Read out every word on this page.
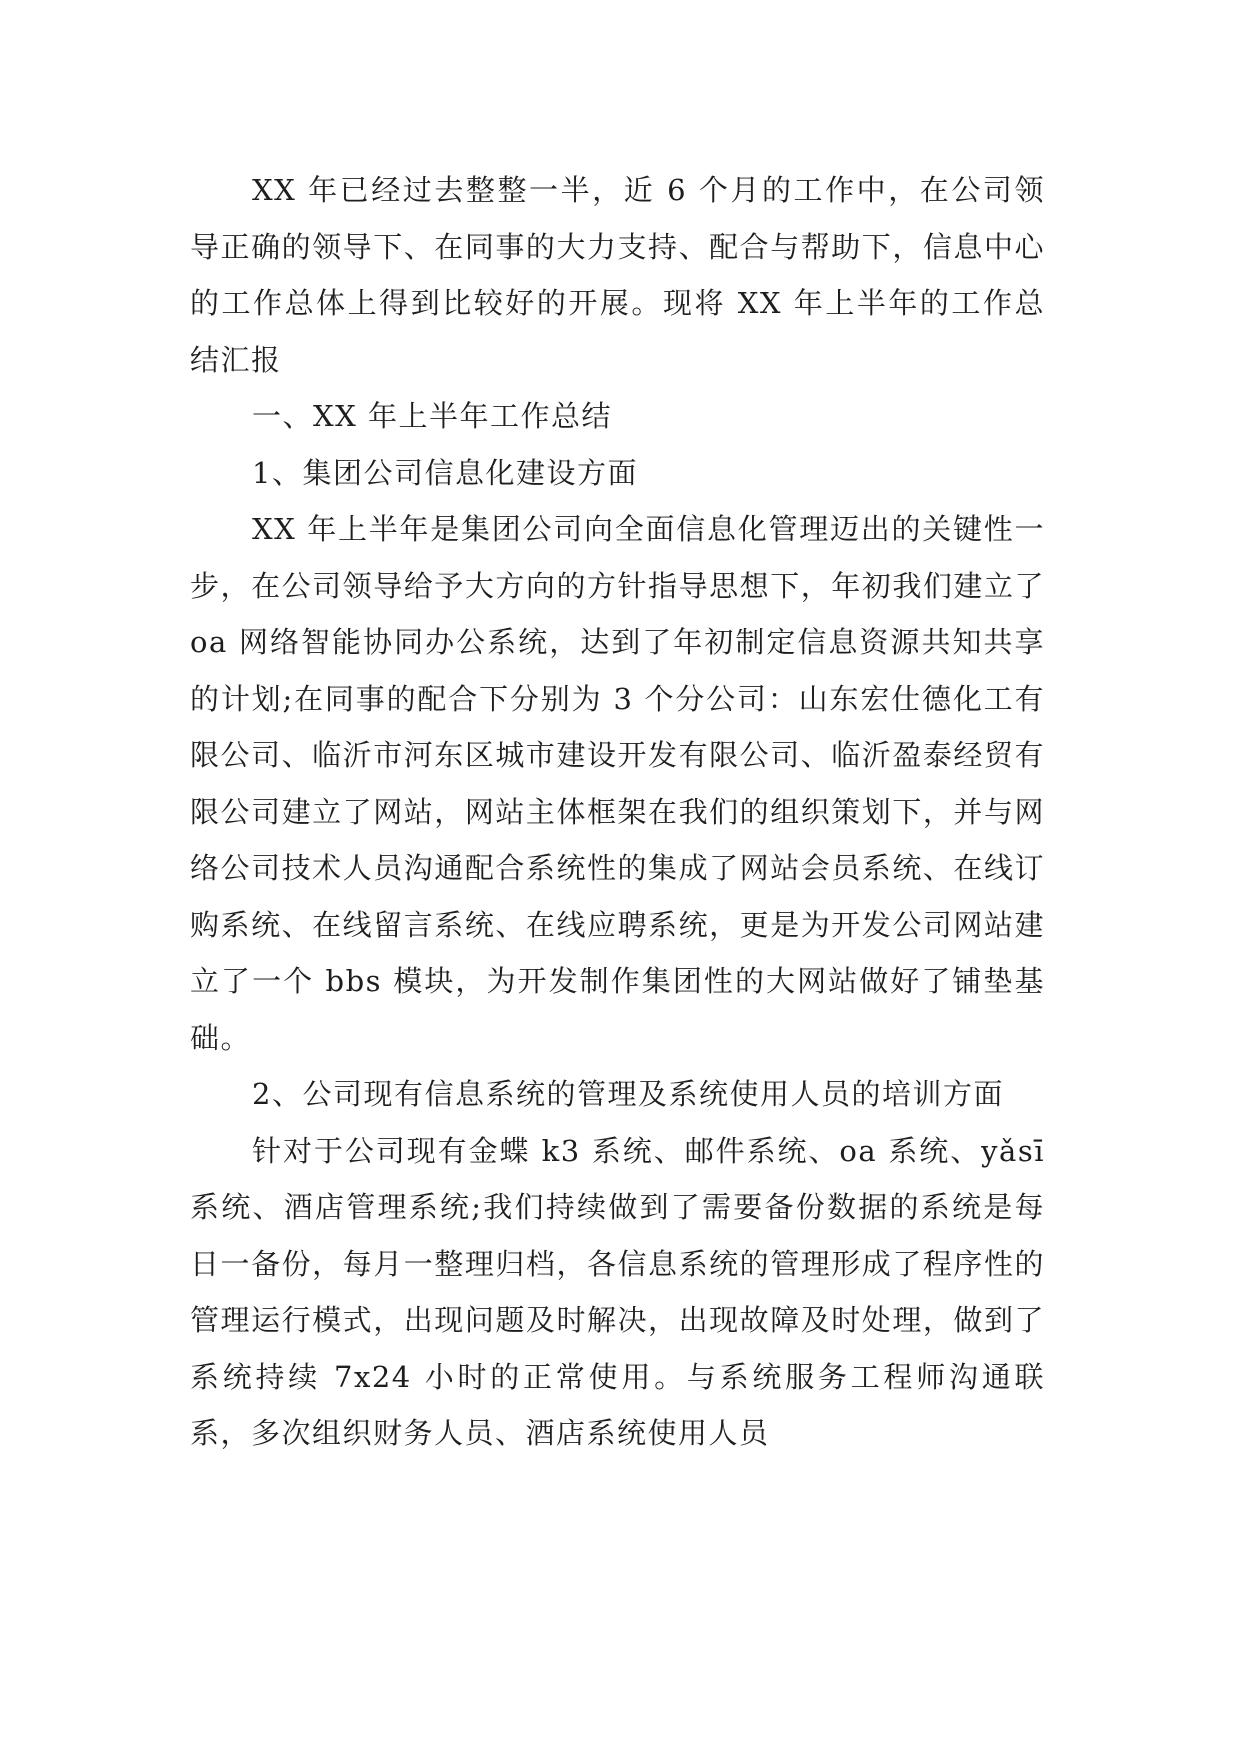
XX 年已经过去整整一半，近 6 个月的工作中，在公司领导正确的领导下、在同事的大力支持、配合与帮助下，信息中心的工作总体上得到比较好的开展。现将 XX 年上半年的工作总结汇报

一、XX 年上半年工作总结

1、集团公司信息化建设方面

XX 年上半年是集团公司向全面信息化管理迈出的关键性一步，在公司领导给予大方向的方针指导思想下，年初我们建立了 oa 网络智能协同办公系统，达到了年初制定信息资源共知共享的计划;在同事的配合下分别为 3 个分公司：山东宏仕德化工有限公司、临沂市河东区城市建设开发有限公司、临沂盈泰经贸有限公司建立了网站，网站主体框架在我们的组织策划下，并与网络公司技术人员沟通配合系统性的集成了网站会员系统、在线订购系统、在线留言系统、在线应聘系统，更是为开发公司网站建立了一个 bbs 模块，为开发制作集团性的大网站做好了铺垫基础。

2、公司现有信息系统的管理及系统使用人员的培训方面

针对于公司现有金蝶 k3 系统、邮件系统、oa 系统、yǎsī 系统、酒店管理系统;我们持续做到了需要备份数据的系统是每日一备份，每月一整理归档，各信息系统的管理形成了程序性的管理运行模式，出现问题及时解决，出现故障及时处理，做到了系统持续 7x24 小时的正常使用。与系统服务工程师沟通联系，多次组织财务人员、酒店系统使用人员
